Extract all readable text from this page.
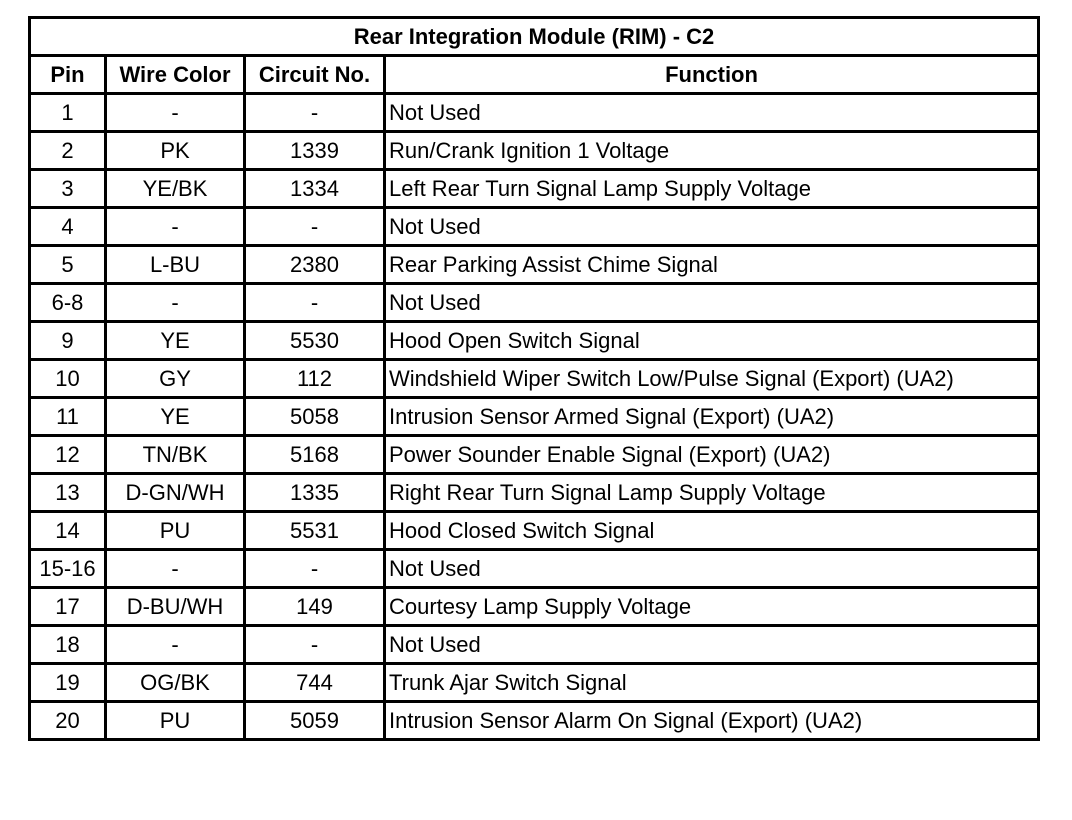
Rear Integration Module (RIM) - C2			
Pin	Wire Color	Circuit No.	Function
1	-	-	Not Used
2	PK	1339	Run/Crank Ignition 1 Voltage
3	YE/BK	1334	Left Rear Turn Signal Lamp Supply Voltage
4	-	-	Not Used
5	L-BU	2380	Rear Parking Assist Chime Signal
6-8	-	-	Not Used
9	YE	5530	Hood Open Switch Signal
10	GY	112	Windshield Wiper Switch Low/Pulse Signal (Export) (UA2)
11	YE	5058	Intrusion Sensor Armed Signal (Export) (UA2)
12	TN/BK	5168	Power Sounder Enable Signal (Export) (UA2)
13	D-GN/WH	1335	Right Rear Turn Signal Lamp Supply Voltage
14	PU	5531	Hood Closed Switch Signal
15-16	-	-	Not Used
17	D-BU/WH	149	Courtesy Lamp Supply Voltage
18	-	-	Not Used
19	OG/BK	744	Trunk Ajar Switch Signal
20	PU	5059	Intrusion Sensor Alarm On Signal (Export) (UA2)
